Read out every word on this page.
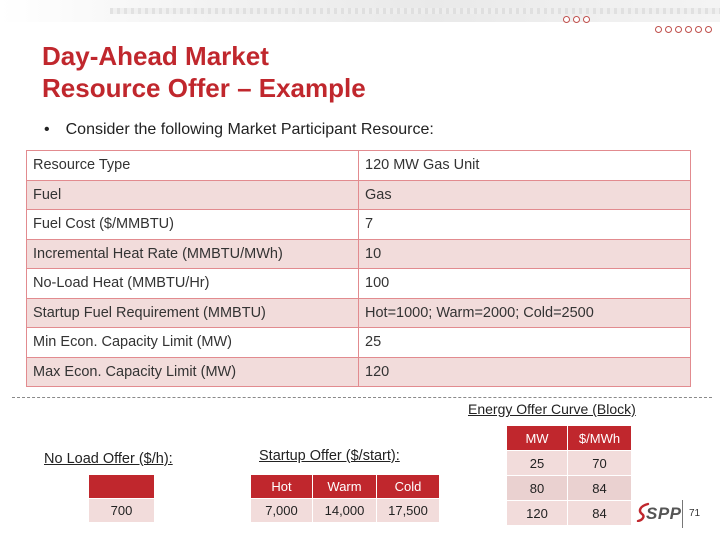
Day-Ahead Market
Resource Offer – Example
• Consider the following Market Participant Resource:
Resource Type	120 MW Gas Unit
Fuel	Gas
Fuel Cost ($/MMBTU)	7
Incremental Heat Rate (MMBTU/MWh)	10
No-Load Heat (MMBTU/Hr)	100
Startup Fuel Requirement (MMBTU)	Hot=1000; Warm=2000; Cold=2500
Min Econ. Capacity Limit (MW)	25
Max Econ. Capacity Limit (MW)	120
Energy Offer Curve (Block)
No Load Offer ($/h):	Startup Offer ($/start):

700
Hot	Warm	Cold
7,000	14,000	17,500
MW	$/MWh
25	70
80	84
120	84 SPP 71
